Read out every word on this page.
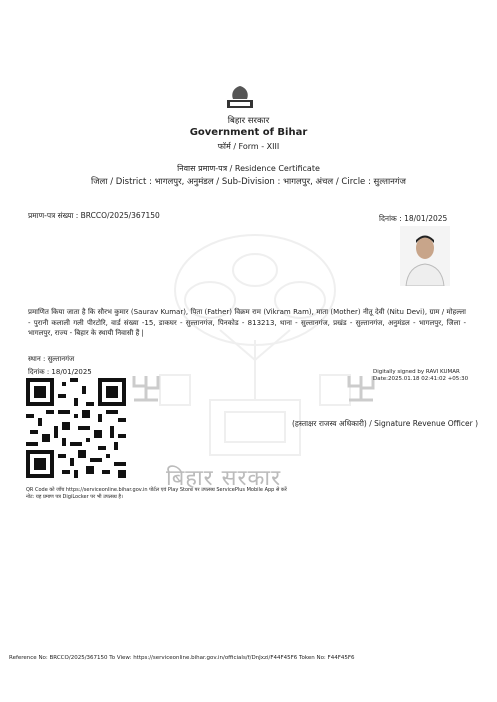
बिहार सरकार
बिहार सरकार
Government of Bihar
फॉर्म / Form - XIII
निवास प्रमाण-पत्र / Residence Certificate
जिला / District : भागलपुर, अनुमंडल / Sub-Division : भागलपुर, अंचल / Circle : सुल्तानगंज
प्रमाण-पत्र संख्या : BRCCO/2025/367150	दिनांक : 18/01/2025
प्रमाणित किया जाता है कि सौरभ कुमार (Saurav Kumar), पिता (Father) विक्रम राम (Vikram Ram), माता (Mother) नीतू देवी (Nitu Devi), ग्राम / मोहल्ला - पुरानी कलाली गली पीरटोरि, वार्ड संख्या -15, डाकघर - सुल्तानगंज, पिनकोड - 813213, थाना - सुल्तानगंज, प्रखंड - सुल्तानगंज, अनुमंडल - भागलपुर, जिला - भागलपुर, राज्य - बिहार के स्थायी निवासी हैं |
स्थान : सुल्तानगंज
दिनांक : 18/01/2025	Digitally signed by RAVI KUMAR
Date:2025.01.18 02:41:02 +05:30
(हस्ताक्षर राजस्व अधिकारी) / Signature Revenue Officer )
QR Code को जाँच https://serviceonline.bihar.gov.in पोर्टल एवं Play Store पर उपलब्ध ServicePlus Mobile App से करें
नोट: यह प्रमाण पत्र DigiLocker पर भी उपलब्ध है।
Reference No: BRCCO/2025/367150 To View: https://serviceonline.bihar.gov.in/officials/f/DnJxzi/F44F45F6 Token No: F44F45F6
